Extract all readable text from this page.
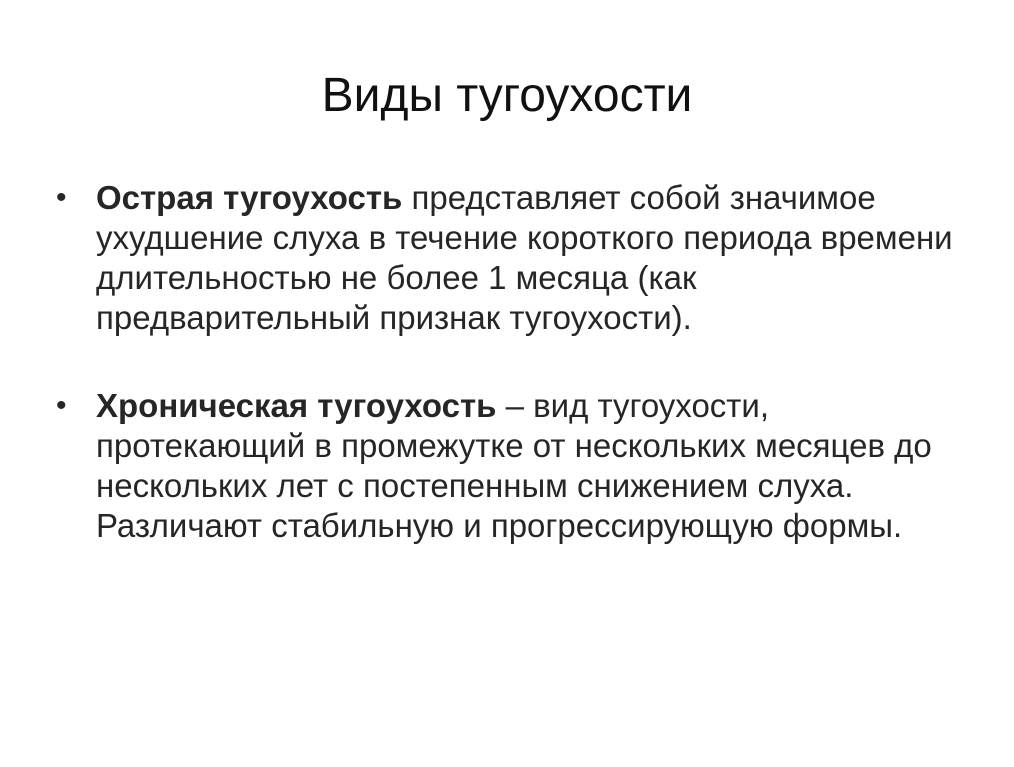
Виды тугоухости
• Острая тугоухость представляет собой значимое ухудшение слуха в течение короткого периода времени длительностью не более 1 месяца (как предварительный признак тугоухости).
• Хроническая тугоухость – вид тугоухости, протекающий в промежутке от нескольких месяцев до нескольких лет с постепенным снижением слуха. Различают стабильную и прогрессирующую формы.
